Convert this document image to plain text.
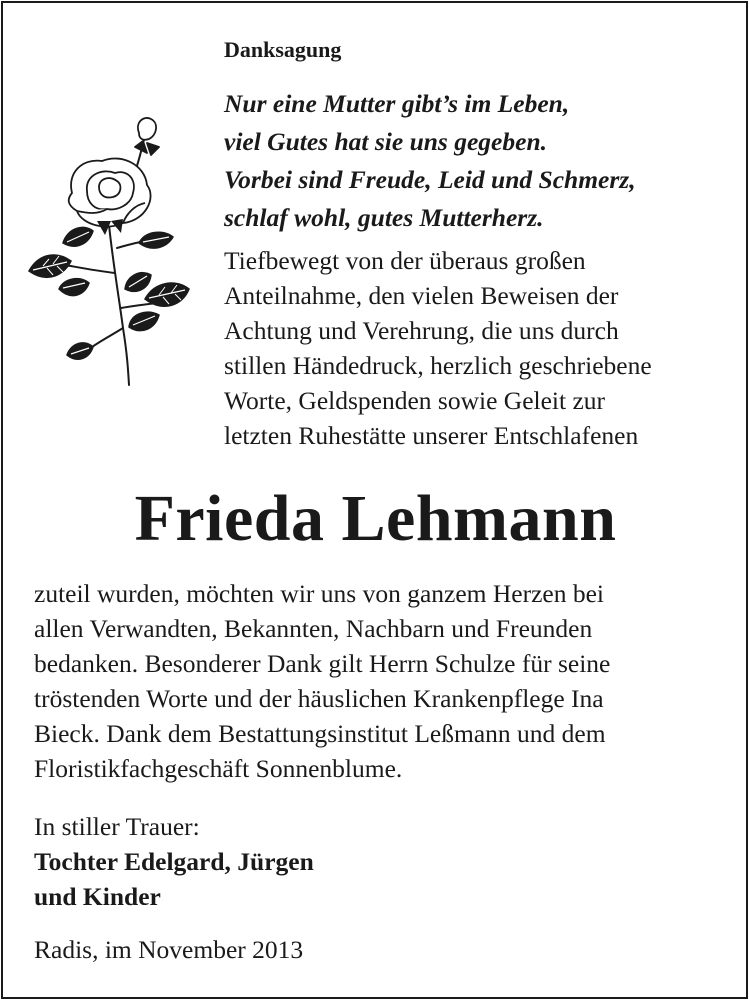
Danksagung

Nur eine Mutter gibt’s im Leben,
viel Gutes hat sie uns gegeben.
Vorbei sind Freude, Leid und Schmerz,
schlaf wohl, gutes Mutterherz.

Tiefbewegt von der überaus großen
Anteilnahme, den vielen Beweisen der
Achtung und Verehrung, die uns durch
stillen Händedruck, herzlich geschriebene
Worte, Geldspenden sowie Geleit zur
letzten Ruhestätte unserer Entschlafenen

Frieda Lehmann

zuteil wurden, möchten wir uns von ganzem Herzen bei
allen Verwandten, Bekannten, Nachbarn und Freunden
bedanken. Besonderer Dank gilt Herrn Schulze für seine
tröstenden Worte und der häuslichen Krankenpflege Ina
Bieck. Dank dem Bestattungsinstitut Leßmann und dem
Floristikfachgeschäft Sonnenblume.

In stiller Trauer:
Tochter Edelgard, Jürgen
und Kinder

Radis, im November 2013
